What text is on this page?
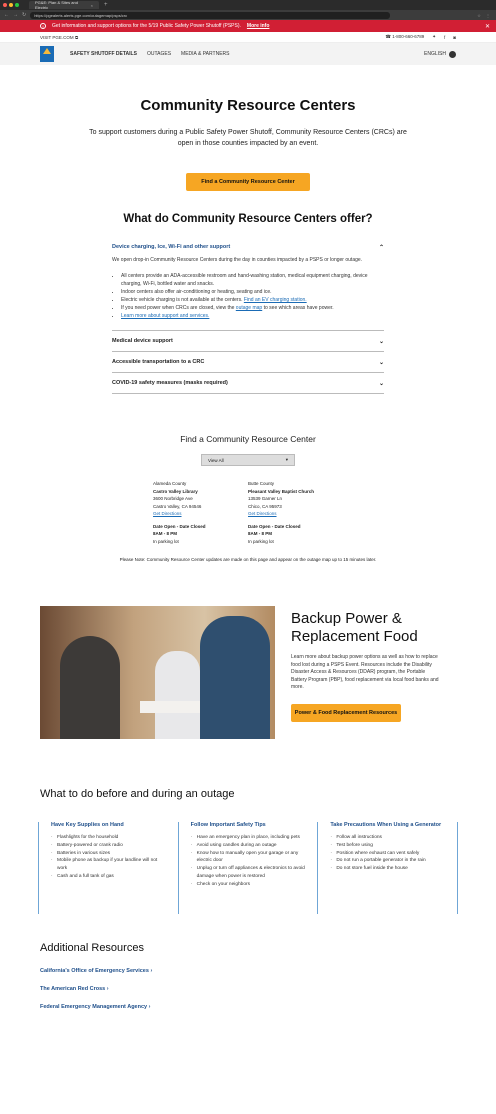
PG&E: Plan & Sites and Electric	× +
← → ↻	https://pgealerts.alerts.pge.com/outagemap/psps/crc	☆ ⋮
!	Get information and support options for the 5/19 Public Safety Power Shutoff (PSPS). More info	✕
VISIT PGE.COM ⧉	☎ 1-800-660-6789 ✦ f ◙
SAFETY SHUTOFF DETAILS OUTAGES MEDIA & PARTNERS	ENGLISH
Community Resource Centers

To support customers during a Public Safety Power Shutoff, Community Resource Centers (CRCs) are open in those counties impacted by an event.

Find a Community Resource Center
What do Community Resource Centers offer?
Device charging, Ice, Wi-Fi and other support	⌃

We open drop-in Community Resource Centers during the day in counties impacted by a PSPS or longer outage.

• All centers provide an ADA-accessible restroom and hand-washing station, medical equipment charging, device charging, Wi-Fi, bottled water and snacks.
• Indoor centers also offer air-conditioning or heating, seating and ice.
• Electric vehicle charging is not available at the centers. Find an EV charging station.
• If you need power when CRCs are closed, view the outage map to see which areas have power.
• Learn more about support and services.
Medical device support	⌄
Accessible transportation to a CRC	⌄
COVID-19 safety measures (masks required)	⌄
Find a Community Resource Center
View All	▾
Alameda County
Castro Valley Library
3600 Norbridge Ave
Castro Valley, CA 94546
Get Directions
Date Open - Date Closed
8AM - 8 PM
In parking lot
Butte County
Pleasant Valley Baptist Church
13539 Garner Ln
Chico, CA 95973
Get Directions
Date Open - Date Closed
8AM - 8 PM
In parking lot

Please Note: Community Resource Center updates are made on this page and appear on the outage map up to 15 minutes later.

Backup Power & Replacement Food

Learn more about backup power options as well as how to replace food lost during a PSPS Event. Resources include the Disability Disaster Access & Resources (DDAR) program, the Portable Battery Program (PBP), food replacement via local food banks and more.

Power & Food Replacement Resources
What to do before and during an outage
Have Key Supplies on Hand
· Flashlights for the household
· Battery-powered or crank radio
· Batteries in various sizes
· Mobile phone as backup if your landline will not work
· Cash and a full tank of gas
Follow Important Safety Tips
· Have an emergency plan in place, including pets
· Avoid using candles during an outage
· Know how to manually open your garage or any electric door
· Unplug or turn off appliances & electronics to avoid damage when power is restored
· Check on your neighbors
Take Precautions When Using a Generator
· Follow all instructions
· Test before using
· Position where exhaust can vent safely
· Do not run a portable generator in the rain
· Do not store fuel inside the house
Additional Resources
California's Office of Emergency Services ›
The American Red Cross ›
Federal Emergency Management Agency ›
